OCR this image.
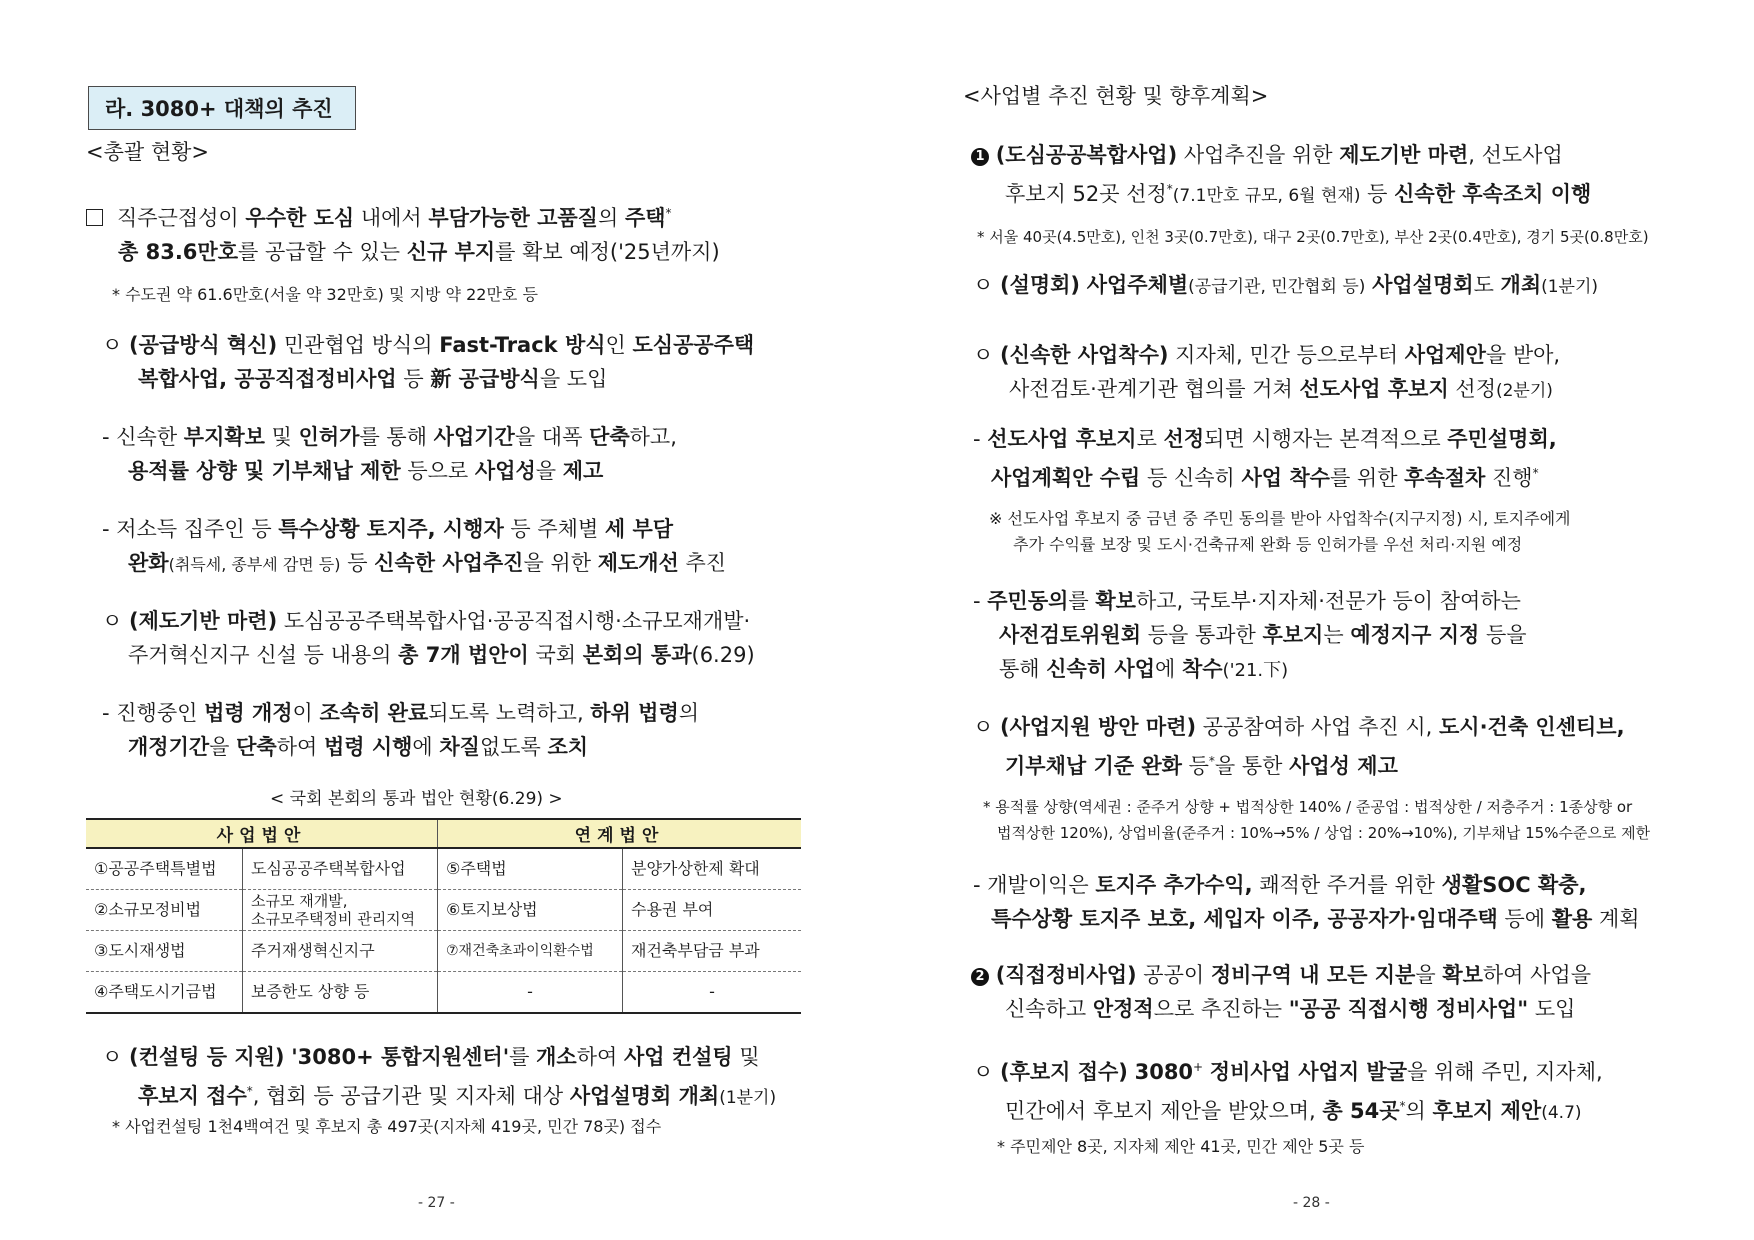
라. 3080+ 대책의 추진
<총괄 현황>
직주근접성이 우수한 도심 내에서 부담가능한 고품질의 주택*
총 83.6만호를 공급할 수 있는 신규 부지를 확보 예정('25년까지)
* 수도권 약 61.6만호(서울 약 32만호) 및 지방 약 22만호 등
ㅇ (공급방식 혁신) 민관협업 방식의 Fast-Track 방식인 도심공공주택
복합사업, 공공직접정비사업 등 新 공급방식을 도입
- 신속한 부지확보 및 인허가를 통해 사업기간을 대폭 단축하고,
용적률 상향 및 기부채납 제한 등으로 사업성을 제고
- 저소득 집주인 등 특수상황 토지주, 시행자 등 주체별 세 부담
완화(취득세, 종부세 감면 등) 등 신속한 사업추진을 위한 제도개선 추진
ㅇ (제도기반 마련) 도심공공주택복합사업·공공직접시행·소규모재개발·
주거혁신지구 신설 등 내용의 총 7개 법안이 국회 본회의 통과(6.29)
- 진행중인 법령 개정이 조속히 완료되도록 노력하고, 하위 법령의
개정기간을 단축하여 법령 시행에 차질없도록 조치
< 국회 본회의 통과 법안 현황(6.29) >
사업법안		연계법안	
①공공주택특별법	도심공공주택복합사업	⑤주택법	분양가상한제 확대
②소규모정비법	소규모 재개발,
소규모주택정비 관리지역	⑥토지보상법	수용권 부여
③도시재생법	주거재생혁신지구	⑦재건축초과이익환수법	재건축부담금 부과
④주택도시기금법	보증한도 상향 등	-	-
ㅇ (컨설팅 등 지원) '3080+ 통합지원센터'를 개소하여 사업 컨설팅 및
후보지 접수*, 협회 등 공급기관 및 지자체 대상 사업설명회 개최(1분기)
* 사업컨설팅 1천4백여건 및 후보지 총 497곳(지자체 419곳, 민간 78곳) 접수
- 27 -
<사업별 추진 현황 및 향후계획>
1 (도심공공복합사업) 사업추진을 위한 제도기반 마련, 선도사업
후보지 52곳 선정*(7.1만호 규모, 6월 현재) 등 신속한 후속조치 이행
* 서울 40곳(4.5만호), 인천 3곳(0.7만호), 대구 2곳(0.7만호), 부산 2곳(0.4만호), 경기 5곳(0.8만호)
ㅇ (설명회) 사업주체별(공급기관, 민간협회 등) 사업설명회도 개최(1분기)
ㅇ (신속한 사업착수) 지자체, 민간 등으로부터 사업제안을 받아,
사전검토·관계기관 협의를 거쳐 선도사업 후보지 선정(2분기)
- 선도사업 후보지로 선정되면 시행자는 본격적으로 주민설명회,
사업계획안 수립 등 신속히 사업 착수를 위한 후속절차 진행*
※ 선도사업 후보지 중 금년 중 주민 동의를 받아 사업착수(지구지정) 시, 토지주에게
추가 수익률 보장 및 도시·건축규제 완화 등 인허가를 우선 처리·지원 예정
- 주민동의를 확보하고, 국토부·지자체·전문가 등이 참여하는
사전검토위원회 등을 통과한 후보지는 예정지구 지정 등을
통해 신속히 사업에 착수('21.下)
ㅇ (사업지원 방안 마련) 공공참여하 사업 추진 시, 도시·건축 인센티브,
기부채납 기준 완화 등*을 통한 사업성 제고
* 용적률 상향(역세권 : 준주거 상향 + 법적상한 140% / 준공업 : 법적상한 / 저층주거 : 1종상향 or
법적상한 120%), 상업비율(준주거 : 10%→5% / 상업 : 20%→10%), 기부채납 15%수준으로 제한
- 개발이익은 토지주 추가수익, 쾌적한 주거를 위한 생활SOC 확충,
특수상황 토지주 보호, 세입자 이주, 공공자가·임대주택 등에 활용 계획
2 (직접정비사업) 공공이 정비구역 내 모든 지분을 확보하여 사업을
신속하고 안정적으로 추진하는 "공공 직접시행 정비사업" 도입
ㅇ (후보지 접수) 3080+ 정비사업 사업지 발굴을 위해 주민, 지자체,
민간에서 후보지 제안을 받았으며, 총 54곳*의 후보지 제안(4.7)
* 주민제안 8곳, 지자체 제안 41곳, 민간 제안 5곳 등
- 28 -
